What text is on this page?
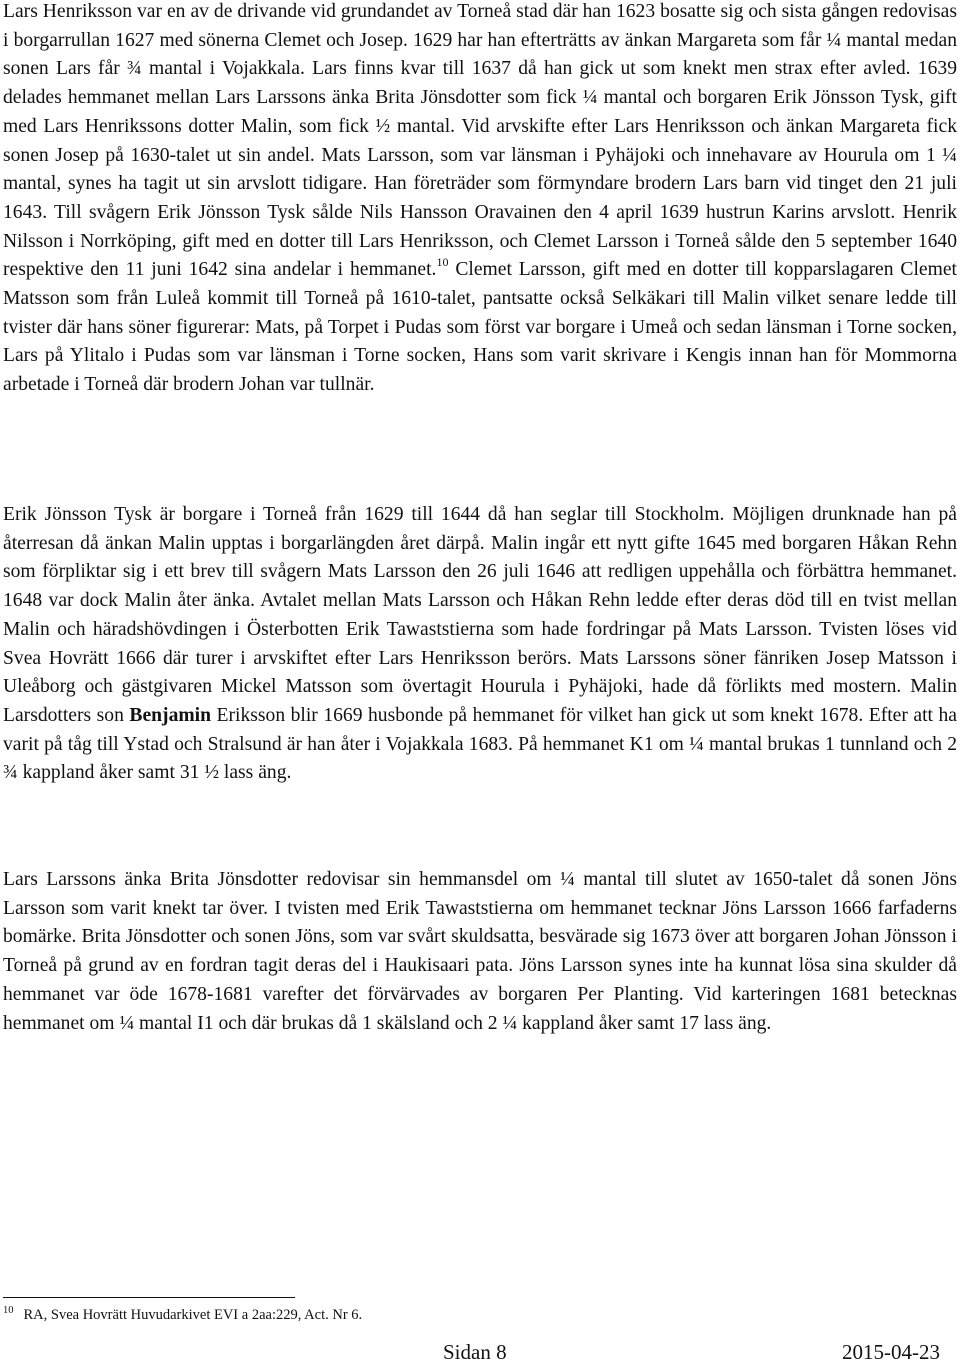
Lars Henriksson var en av de drivande vid grundandet av Torneå stad där han 1623 bosatte sig och sista gången redovisas i borgarrullan 1627 med sönerna Clemet och Josep. 1629 har han efterträtts av änkan Margareta som får ¼ mantal medan sonen Lars får ¾ mantal i Vojakkala. Lars finns kvar till 1637 då han gick ut som knekt men strax efter avled. 1639 delades hemmanet mellan Lars Larssons änka Brita Jönsdotter som fick ¼ mantal och borgaren Erik Jönsson Tysk, gift med Lars Henrikssons dotter Malin, som fick ½ mantal. Vid arvskifte efter Lars Henriksson och änkan Margareta fick sonen Josep på 1630-talet ut sin andel. Mats Larsson, som var länsman i Pyhäjoki och innehavare av Hourula om 1 ¼ mantal, synes ha tagit ut sin arvslott tidigare. Han företräder som förmyndare brodern Lars barn vid tinget den 21 juli 1643. Till svågern Erik Jönsson Tysk sålde Nils Hansson Oravainen den 4 april 1639 hustrun Karins arvslott. Henrik Nilsson i Norrköping, gift med en dotter till Lars Henriksson, och Clemet Larsson i Torneå sålde den 5 september 1640 respektive den 11 juni 1642 sina andelar i hemmanet.$^{10}$ Clemet Larsson, gift med en dotter till kopparslagaren Clemet Matsson som från Luleå kommit till Torneå på 1610-talet, pantsatte också Selkäkari till Malin vilket senare ledde till tvister där hans söner figurerar: Mats, på Torpet i Pudas som först var borgare i Umeå och sedan länsman i Torne socken, Lars på Ylitalo i Pudas som var länsman i Torne socken, Hans som varit skrivare i Kengis innan han för Mommorna arbetade i Torneå där brodern Johan var tullnär.

Erik Jönsson Tysk är borgare i Torneå från 1629 till 1644 då han seglar till Stockholm. Möjligen drunknade han på återresan då änkan Malin upptas i borgarlängden året därpå. Malin ingår ett nytt gifte 1645 med borgaren Håkan Rehn som förpliktar sig i ett brev till svågern Mats Larsson den 26 juli 1646 att redligen uppehålla och förbättra hemmanet. 1648 var dock Malin åter änka. Avtalet mellan Mats Larsson och Håkan Rehn ledde efter deras död till en tvist mellan Malin och häradshövdingen i Österbotten Erik Tawaststierna som hade fordringar på Mats Larsson. Tvisten löses vid Svea Hovrätt 1666 där turer i arvskiftet efter Lars Henriksson berörs. Mats Larssons söner fänriken Josep Matsson i Uleåborg och gästgivaren Mickel Matsson som övertagit Hourula i Pyhäjoki, hade då förlikts med mostern. Malin Larsdotters son Benjamin Eriksson blir 1669 husbonde på hemmanet för vilket han gick ut som knekt 1678. Efter att ha varit på tåg till Ystad och Stralsund är han åter i Vojakkala 1683. På hemmanet K1 om ¼ mantal brukas 1 tunnland och 2 ¾ kappland åker samt 31 ½ lass äng.

Lars Larssons änka Brita Jönsdotter redovisar sin hemmansdel om ¼ mantal till slutet av 1650-talet då sonen Jöns Larsson som varit knekt tar över. I tvisten med Erik Tawaststierna om hemmanet tecknar Jöns Larsson 1666 farfaderns bomärke. Brita Jönsdotter och sonen Jöns, som var svårt skuldsatta, besvärade sig 1673 över att borgaren Johan Jönsson i Torneå på grund av en fordran tagit deras del i Haukisaari pata. Jöns Larsson synes inte ha kunnat lösa sina skulder då hemmanet var öde 1678-1681 varefter det förvärvades av borgaren Per Planting. Vid karteringen 1681 betecknas hemmanet om ¼ mantal I1 och där brukas då 1 skälsland och 2 ¼ kappland åker samt 17 lass äng.

$^{10}$ RA, Svea Hovrätt Huvudarkivet EVI a 2aa:229, Act. Nr 6.

Sidan 8	2015-04-23
